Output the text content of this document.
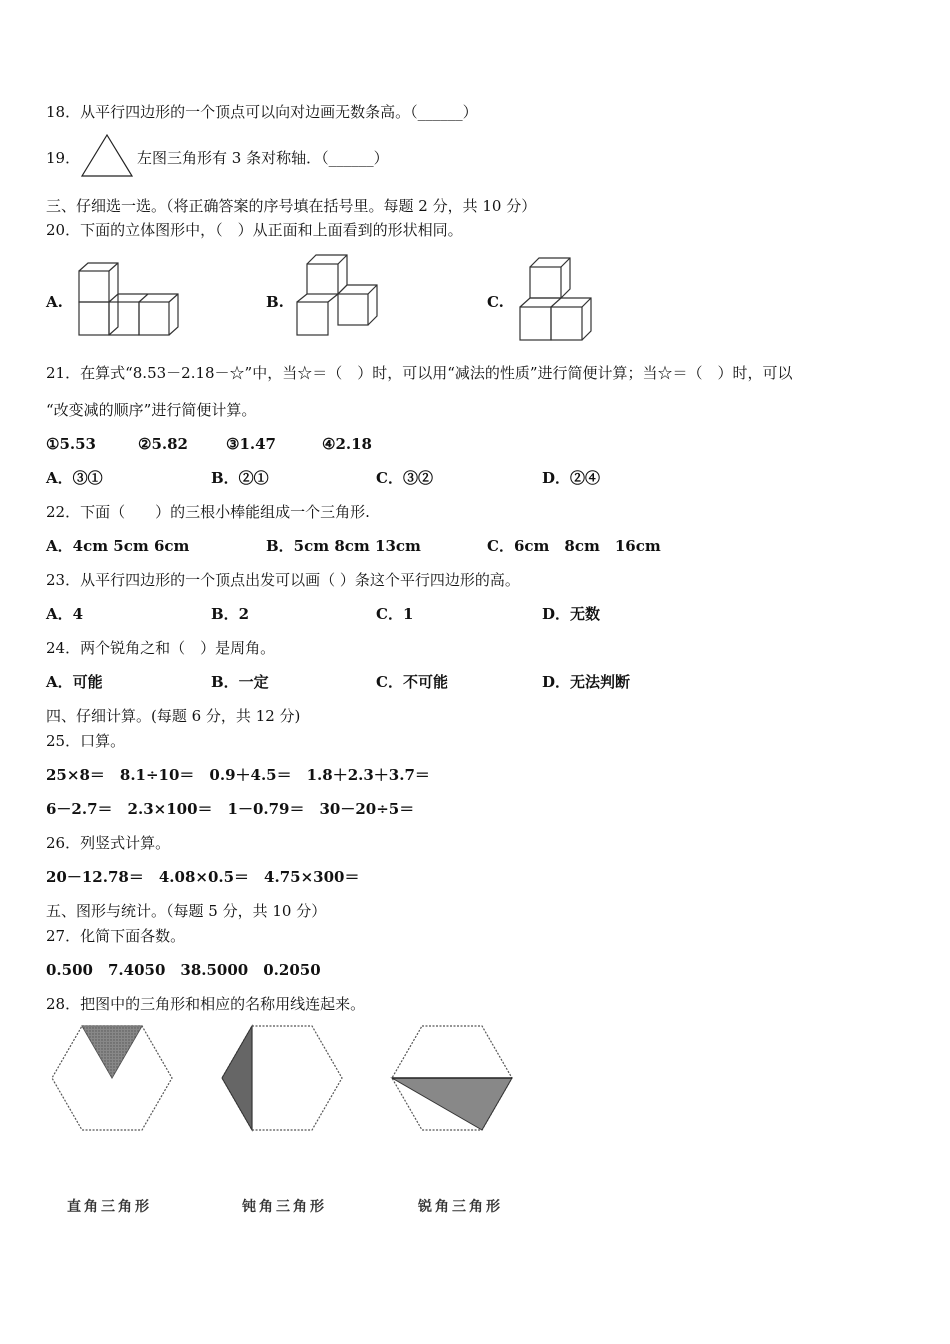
18．从平行四边形的一个顶点可以向对边画无数条高。（______）
19．	左图三角形有 3 条对称轴．（______）
三、仔细选一选。（将正确答案的序号填在括号里。每题 2 分，共 10 分）
20．下面的立体图形中，（　）从正面和上面看到的形状相同。
A.	B.	C.
21．在算式“8.53－2.18－☆”中，当☆＝（　）时，可以用“减法的性质”进行简便计算；当☆＝（　）时，可以
“改变减的顺序”进行简便计算。
①5.53	②5.82	③1.47	④2.18
A．③①	B．②①	C．③②	D．②④
22．下面（　　）的三根小棒能组成一个三角形.
A．4cm 5cm 6cm	B．5cm 8cm 13cm	C．6cm　8cm　16cm
23．从平行四边形的一个顶点出发可以画（ ）条这个平行四边形的高。
A．4	B．2	C．1	D．无数
24．两个锐角之和（　）是周角。
A．可能	B．一定	C．不可能	D．无法判断
四、仔细计算。(每题 6 分，共 12 分)
25．口算。
25×8＝　8.1÷10＝　0.9＋4.5＝　1.8＋2.3＋3.7＝
6－2.7＝　2.3×100＝　1－0.79＝　30－20÷5＝
26．列竖式计算。
20－12.78＝　4.08×0.5＝　4.75×300＝
五、图形与统计。（每题 5 分，共 10 分）
27．化简下面各数。
0.500　7.4050　38.5000　0.2050
28．把图中的三角形和相应的名称用线连起来。
直角三角形	钝角三角形	锐角三角形
